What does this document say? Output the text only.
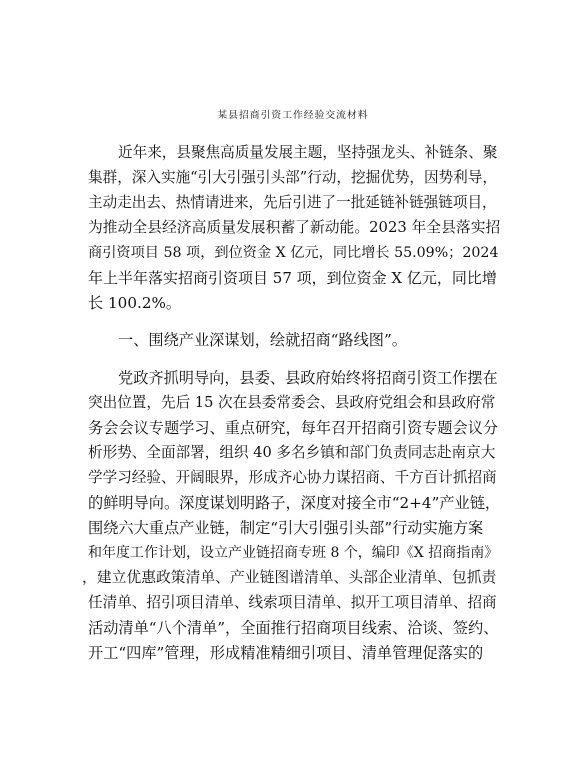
某县招商引资工作经验交流材料
近年来，县聚焦高质量发展主题，坚持强龙头、补链条、聚
集群，深入实施“引大引强引头部”行动，挖掘优势，因势利导，
主动走出去、热情请进来，先后引进了一批延链补链强链项目，
为推动全县经济高质量发展积蓄了新动能。2023 年全县落实招
商引资项目 58 项，到位资金 X 亿元，同比增长 55.09%；2024
年上半年落实招商引资项目 57 项，到位资金 X 亿元，同比增
长 100.2%。
一、围绕产业深谋划，绘就招商“路线图”。
党政齐抓明导向，县委、县政府始终将招商引资工作摆在
突出位置，先后 15 次在县委常委会、县政府党组会和县政府常
务会会议专题学习、重点研究，每年召开招商引资专题会议分
析形势、全面部署，组织 40 多名乡镇和部门负责同志赴南京大
学学习经验、开阔眼界，形成齐心协力谋招商、千方百计抓招商
的鲜明导向。深度谋划明路子，深度对接全市“2+4”产业链，
围绕六大重点产业链，制定“引大引强引头部”行动实施方案
和年度工作计划，设立产业链招商专班 8 个，编印《X 招商指南》
，建立优惠政策清单、产业链图谱清单、头部企业清单、包抓责
任清单、招引项目清单、线索项目清单、拟开工项目清单、招商
活动清单“八个清单”，全面推行招商项目线索、洽谈、签约、
开工“四库”管理，形成精准精细引项目、清单管理促落实的
